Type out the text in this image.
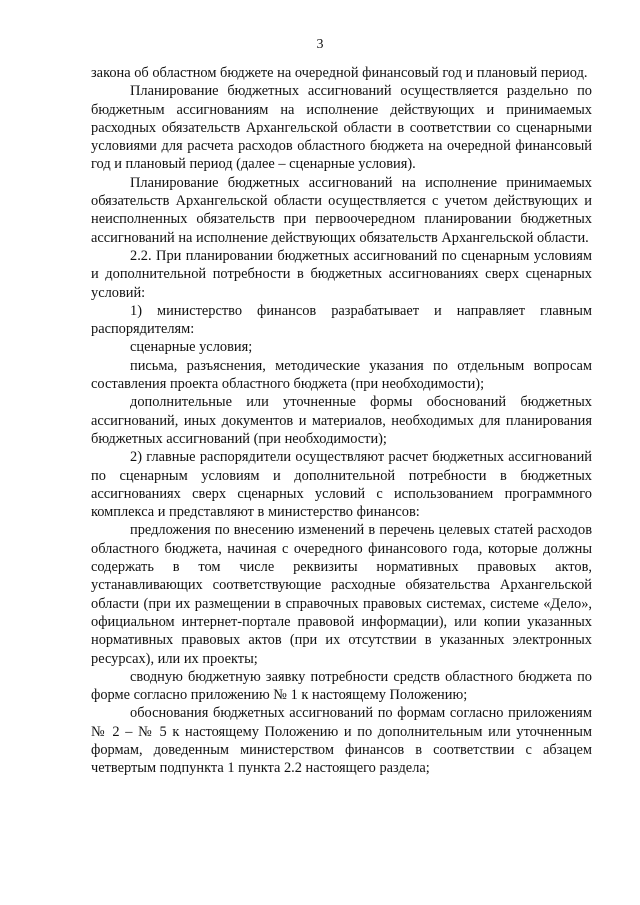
3

закона об областном бюджете на очередной финансовый год и плановый период.

Планирование бюджетных ассигнований осуществляется раздельно по бюджетным ассигнованиям на исполнение действующих и принимаемых расходных обязательств Архангельской области в соответствии со сценарными условиями для расчета расходов областного бюджета на очередной финансовый год и плановый период (далее – сценарные условия).

Планирование бюджетных ассигнований на исполнение принимаемых обязательств Архангельской области осуществляется с учетом действующих и неисполненных обязательств при первоочередном планировании бюджетных ассигнований на исполнение действующих обязательств Архангельской области.

2.2. При планировании бюджетных ассигнований по сценарным условиям и дополнительной потребности в бюджетных ассигнованиях сверх сценарных условий:

1) министерство финансов разрабатывает и направляет главным распорядителям:

сценарные условия;

письма, разъяснения, методические указания по отдельным вопросам составления проекта областного бюджета (при необходимости);

дополнительные или уточненные формы обоснований бюджетных ассигнований, иных документов и материалов, необходимых для планирования бюджетных ассигнований (при необходимости);

2) главные распорядители осуществляют расчет бюджетных ассигнований по сценарным условиям и дополнительной потребности в бюджетных ассигнованиях сверх сценарных условий с использованием программного комплекса и представляют в министерство финансов:

предложения по внесению изменений в перечень целевых статей расходов областного бюджета, начиная с очередного финансового года, которые должны содержать в том числе реквизиты нормативных правовых актов, устанавливающих соответствующие расходные обязательства Архангельской области (при их размещении в справочных правовых системах, системе «Дело», официальном интернет-портале правовой информации), или копии указанных нормативных правовых актов (при их отсутствии в указанных электронных ресурсах), или их проекты;

сводную бюджетную заявку потребности средств областного бюджета по форме согласно приложению № 1 к настоящему Положению;

обоснования бюджетных ассигнований по формам согласно приложениям № 2 – № 5 к настоящему Положению и по дополнительным или уточненным формам, доведенным министерством финансов в соответствии с абзацем четвертым подпункта 1 пункта 2.2 настоящего раздела;
